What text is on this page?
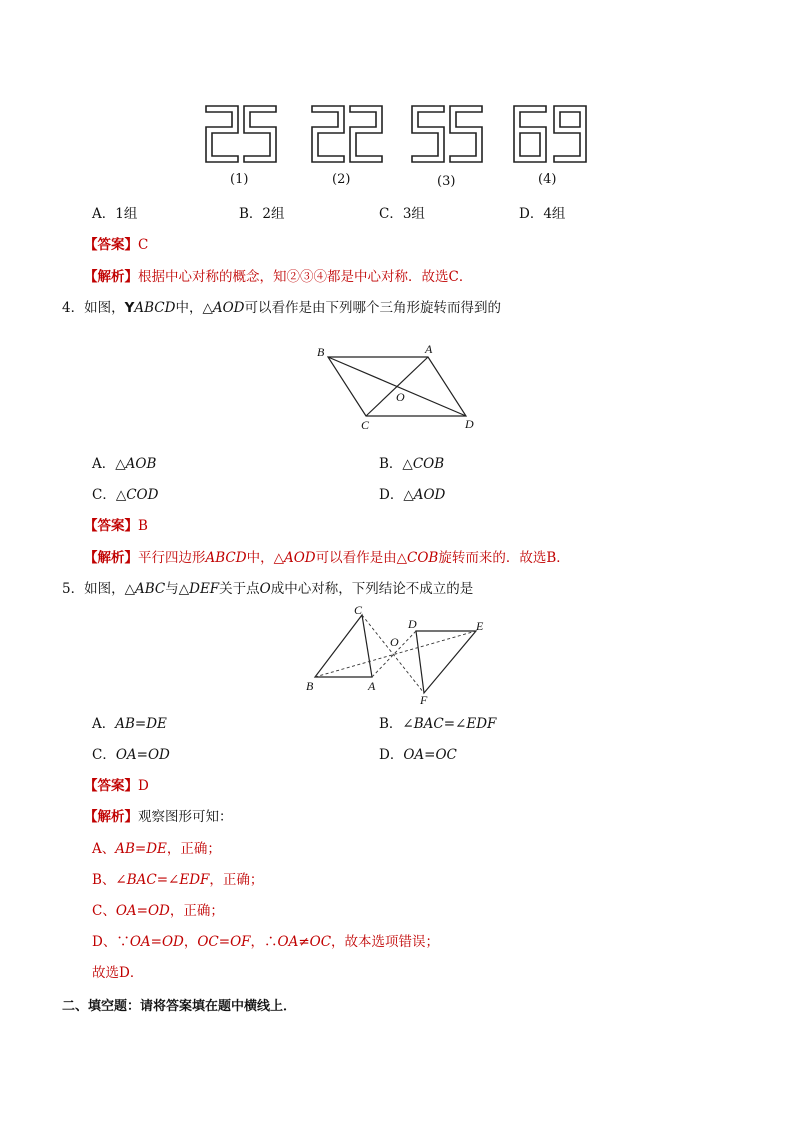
(1)	(2)	(3)	(4)
A．1组	B．2组	C．3组	D．4组
【答案】C
【解析】根据中心对称的概念，知②③④都是中心对称．故选C．
4．如图，YABCD中，△AOD可以看作是由下列哪个三角形旋转而得到的
B	A
O
C	D
A．△AOB	B．△COB
C．△COD	D．△AOD
【答案】B
【解析】平行四边形ABCD中，△AOD可以看作是由△COB旋转而来的．故选B．
5．如图，△ABC与△DEF关于点O成中心对称，下列结论不成立的是
C
D
O
E
B	A
F
A．AB=DE	B．∠BAC=∠EDF
C．OA=OD	D．OA=OC
【答案】D
【解析】观察图形可知：
A、AB=DE，正确；
B、∠BAC=∠EDF，正确；
C、OA=OD，正确；
D、∵OA=OD，OC=OF，∴OA≠OC，故本选项错误；
故选D．
二、填空题：请将答案填在题中横线上．
